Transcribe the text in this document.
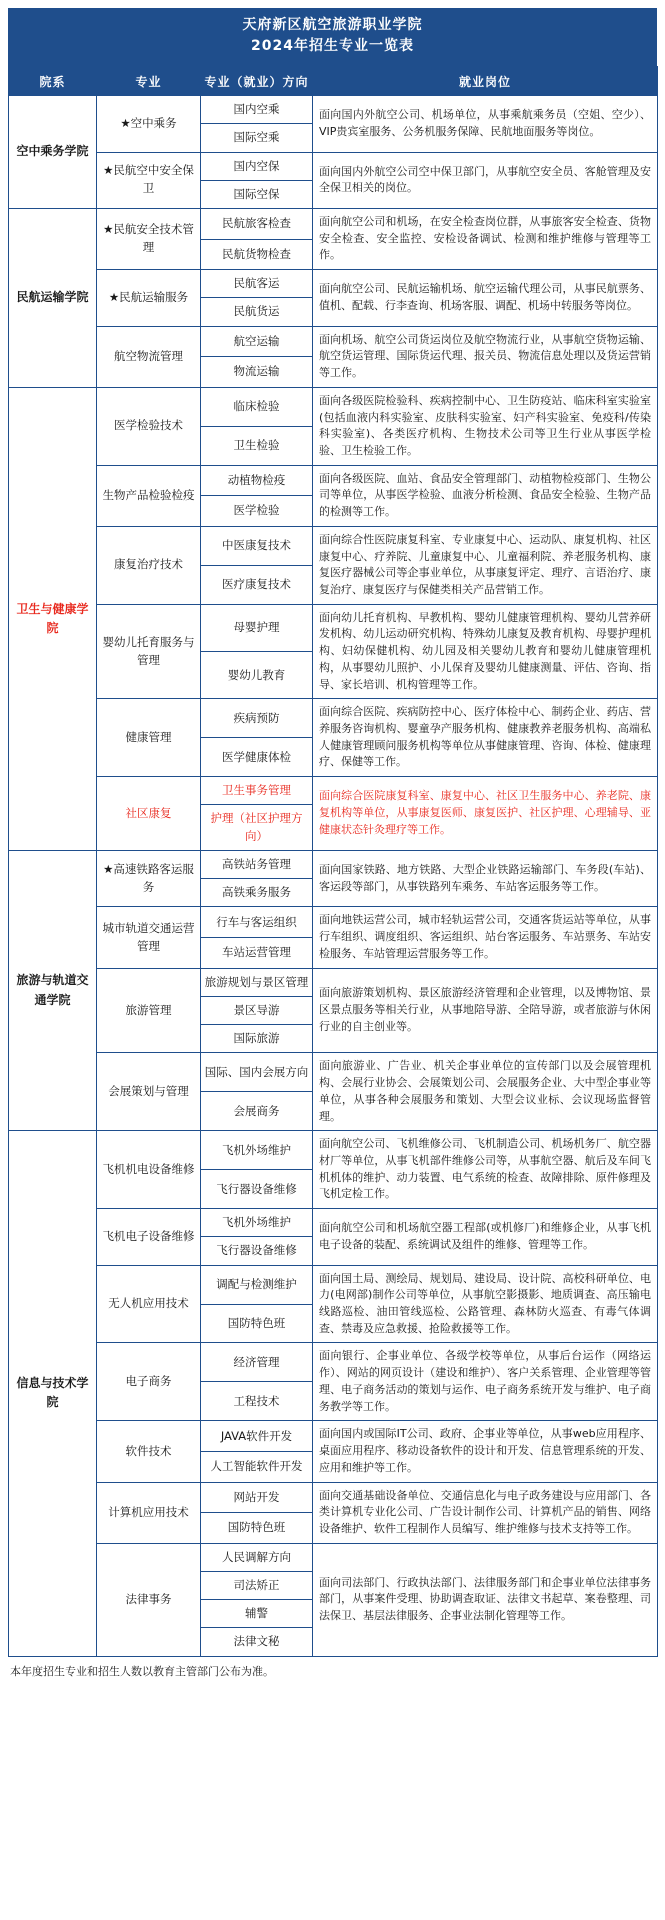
天府新区航空旅游职业学院
2024年招生专业一览表
院系	专业	专业（就业）方向	就业岗位
空中乘务学院	★空中乘务	国内空乘	面向国内外航空公司、机场单位，从事乘航乘务员（空姐、空少）、VIP贵宾室服务、公务机服务保障、民航地面服务等岗位。
		国际空乘	
	★民航空中安全保卫	国内空保	面向国内外航空公司空中保卫部门，从事航空安全员、客舱管理及安全保卫相关的岗位。
		国际空保	
民航运输学院	★民航安全技术管理	民航旅客检查	面向航空公司和机场，在安全检查岗位群，从事旅客安全检查、货物安全检查、安全监控、安检设备调试、检测和维护维修与管理等工作。
		民航货物检查	
	★民航运输服务	民航客运	面向航空公司、民航运输机场、航空运输代理公司，从事民航票务、值机、配载、行李查询、机场客服、调配、机场中转服务等岗位。
		民航货运	
	航空物流管理	航空运输	面向机场、航空公司货运岗位及航空物流行业，从事航空货物运输、航空货运管理、国际货运代理、报关员、物流信息处理以及货运营销等工作。
		物流运输	
卫生与健康学院	医学检验技术	临床检验	面向各级医院检验科、疾病控制中心、卫生防疫站、临床科室实验室(包括血液内科实验室、皮肤科实验室、妇产科实验室、免疫科/传染科实验室)、各类医疗机构、生物技术公司等卫生行业从事医学检验、卫生检验工作。
		卫生检验	
	生物产品检验检疫	动植物检疫	面向各级医院、血站、食品安全管理部门、动植物检疫部门、生物公司等单位，从事医学检验、血液分析检测、食品安全检验、生物产品的检测等工作。
		医学检验	
	康复治疗技术	中医康复技术	面向综合性医院康复科室、专业康复中心、运动队、康复机构、社区康复中心、疗养院、儿童康复中心、儿童福利院、养老服务机构、康复医疗器械公司等企事业单位，从事康复评定、理疗、言语治疗、康复治疗、康复医疗与保健类相关产品营销工作。
		医疗康复技术	
	婴幼儿托育服务与管理	母婴护理	面向幼儿托育机构、早教机构、婴幼儿健康管理机构、婴幼儿营养研发机构、幼儿运动研究机构、特殊幼儿康复及教育机构、母婴护理机构、妇幼保健机构、幼儿园及相关婴幼儿教育和婴幼儿健康管理机构，从事婴幼儿照护、小儿保育及婴幼儿健康测量、评估、咨询、指导、家长培训、机构管理等工作。
		婴幼儿教育	
	健康管理	疾病预防	面向综合医院、疾病防控中心、医疗体检中心、制药企业、药店、营养服务咨询机构、婴童孕产服务机构、健康教养老服务机构、高端私人健康管理顾问服务机构等单位从事健康管理、咨询、体检、健康理疗、保健等工作。
		医学健康体检	
	社区康复	卫生事务管理	面向综合医院康复科室、康复中心、社区卫生服务中心、养老院、康复机构等单位，从事康复医师、康复医护、社区护理、心理辅导、亚健康状态针灸理疗等工作。
		护理（社区护理方向）	
旅游与轨道交通学院	★高速铁路客运服务	高铁站务管理	面向国家铁路、地方铁路、大型企业铁路运输部门、车务段(车站)、客运段等部门，从事铁路列车乘务、车站客运服务等工作。
		高铁乘务服务	
	城市轨道交通运营管理	行车与客运组织	面向地铁运营公司，城市轻轨运营公司，交通客货运站等单位，从事行车组织、调度组织、客运组织、站台客运服务、车站票务、车站安检服务、车站管理运营服务等工作。
		车站运营管理	
	旅游管理	旅游规划与景区管理	面向旅游策划机构、景区旅游经济管理和企业管理，以及博物馆、景区景点服务等相关行业，从事地陪导游、全陪导游，或者旅游与休闲行业的自主创业等。
		景区导游	
		国际旅游	
	会展策划与管理	国际、国内会展方向	面向旅游业、广告业、机关企事业单位的宣传部门以及会展管理机构、会展行业协会、会展策划公司、会展服务企业、大中型企事业等单位，从事各种会展服务和策划、大型会议业标、会议现场监督管理。
		会展商务	
信息与技术学院	飞机机电设备维修	飞机外场维护	面向航空公司、飞机维修公司、飞机制造公司、机场机务厂、航空器材厂等单位，从事飞机部件维修公司等，从事航空器、航后及车间飞机机体的维护、动力装置、电气系统的检查、故障排除、原件修理及飞机定检工作。
		飞行器设备维修	
	飞机电子设备维修	飞机外场维护	面向航空公司和机场航空器工程部(或机修厂)和维修企业，从事飞机电子设备的装配、系统调试及组件的维修、管理等工作。
		飞行器设备维修	
	无人机应用技术	调配与检测维护	面向国土局、测绘局、规划局、建设局、设计院、高校科研单位、电力(电网部)制作公司等单位，从事航空影摄影、地质调查、高压输电线路巡检、油田管线巡检、公路管理、森林防火巡查、有毒气体调查、禁毒及应急救援、抢险救援等工作。
		国防特色班	
	电子商务	经济管理	面向银行、企事业单位、各级学校等单位，从事后台运作（网络运作）、网站的网页设计（建设和维护）、客户关系管理、企业管理等管理、电子商务活动的策划与运作、电子商务系统开发与维护、电子商务教学等工作。
		工程技术	
	软件技术	JAVA软件开发	面向国内或国际IT公司、政府、企事业等单位，从事web应用程序、桌面应用程序、移动设备软件的设计和开发、信息管理系统的开发、应用和维护等工作。
		人工智能软件开发	
	计算机应用技术	网站开发	面向交通基础设备单位、交通信息化与电子政务建设与应用部门、各类计算机专业化公司、广告设计制作公司、计算机产品的销售、网络设备维护、软件工程制作人员编写、维护维修与技术支持等工作。
		国防特色班	
	法律事务	人民调解方向	面向司法部门、行政执法部门、法律服务部门和企事业单位法律事务部门，从事案件受理、协助调查取证、法律文书起草、案卷整理、司法保卫、基层法律服务、企事业法制化管理等工作。
		司法矫正	
		辅警	
		法律文秘	
本年度招生专业和招生人数以教育主管部门公布为准。
